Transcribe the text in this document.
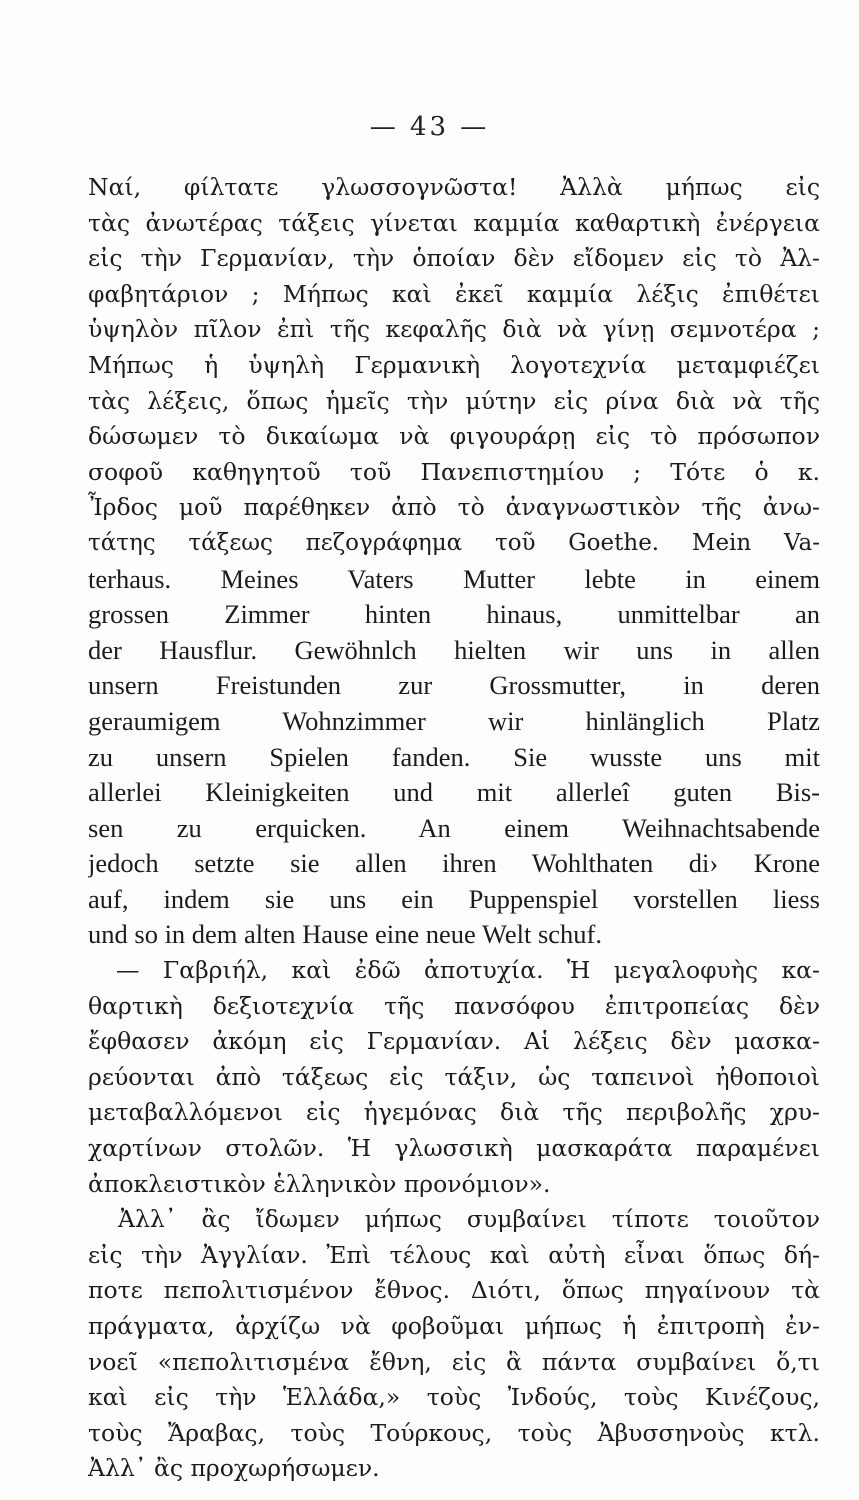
— 43 —
Ναί, φίλτατε γλωσσογνῶστα! Ἀλλὰ μήπως εἰς
τὰς ἀνωτέρας τάξεις γίνεται καμμία καθαρτικὴ ἐνέργεια
εἰς τὴν Γερμανίαν, τὴν ὁποίαν δὲν εἴδομεν εἰς τὸ Ἀλ-
φαβητάριον ; Μήπως καὶ ἐκεῖ καμμία λέξις ἐπιθέτει
ὑψηλὸν πῖλον ἐπὶ τῆς κεφαλῆς διὰ νὰ γίνῃ σεμνοτέρα ;
Μήπως ἡ ὑψηλὴ Γερμανικὴ λογοτεχνία μεταμφιέζει
τὰς λέξεις, ὅπως ἡμεῖς τὴν μύτην εἰς ρίνα διὰ νὰ τῆς
δώσωμεν τὸ δικαίωμα νὰ φιγουράρῃ εἰς τὸ πρόσωπον
σοφοῦ καθηγητοῦ τοῦ Πανεπιστημίου ; Τότε ὁ κ.
Ἶρδος μοῦ παρέθηκεν ἀπὸ τὸ ἀναγνωστικὸν τῆς ἀνω-
τάτης τάξεως πεζογράφημα τοῦ Goethe. Mein Va-
terhaus. Meines Vaters Mutter lebte in einem
grossen Zimmer hinten hinaus, unmittelbar an
der Hausflur. Gewöhnlch hielten wir uns in allen
unsern Freistunden zur Grossmutter, in deren
geraumigem Wohnzimmer wir hinlänglich Platz
zu unsern Spielen fanden. Sie wusste uns mit
allerlei Kleinigkeiten und mit allerleî guten Bis-
sen zu erquicken. An einem Weihnachtsabende
jedoch setzte sie allen ihren Wohlthaten di› Krone
auf, indem sie uns ein Puppenspiel vorstellen liess
und so in dem alten Hause eine neue Welt schuf.
— Γαβριήλ, καὶ ἐδῶ ἀποτυχία. Ἡ μεγαλοφυὴς κα-
θαρτικὴ δεξιοτεχνία τῆς πανσόφου ἐπιτροπείας δὲν
ἔφθασεν ἀκόμη εἰς Γερμανίαν. Αἱ λέξεις δὲν μασκα-
ρεύονται ἀπὸ τάξεως εἰς τάξιν, ὡς ταπεινοὶ ἠθοποιοὶ
μεταβαλλόμενοι εἰς ἡγεμόνας διὰ τῆς περιβολῆς χρυ-
χαρτίνων στολῶν. Ἡ γλωσσικὴ μασκαράτα παραμένει
ἀποκλειστικὸν ἑλληνικὸν προνόμιον».
Ἀλλ᾽ ἂς ἴδωμεν μήπως συμβαίνει τίποτε τοιοῦτον
εἰς τὴν Ἀγγλίαν. Ἐπὶ τέλους καὶ αὐτὴ εἶναι ὅπως δή-
ποτε πεπολιτισμένον ἔθνος. Διότι, ὅπως πηγαίνουν τὰ
πράγματα, ἀρχίζω νὰ φοβοῦμαι μήπως ἡ ἐπιτροπὴ ἐν-
νοεῖ «πεπολιτισμένα ἔθνη, εἰς ἃ πάντα συμβαίνει ὅ,τι
καὶ εἰς τὴν Ἑλλάδα,» τοὺς Ἰνδούς, τοὺς Κινέζους,
τοὺς Ἄραβας, τοὺς Τούρκους, τοὺς Ἀβυσσηνοὺς κτλ.
Ἀλλ᾽ ἂς προχωρήσωμεν.
